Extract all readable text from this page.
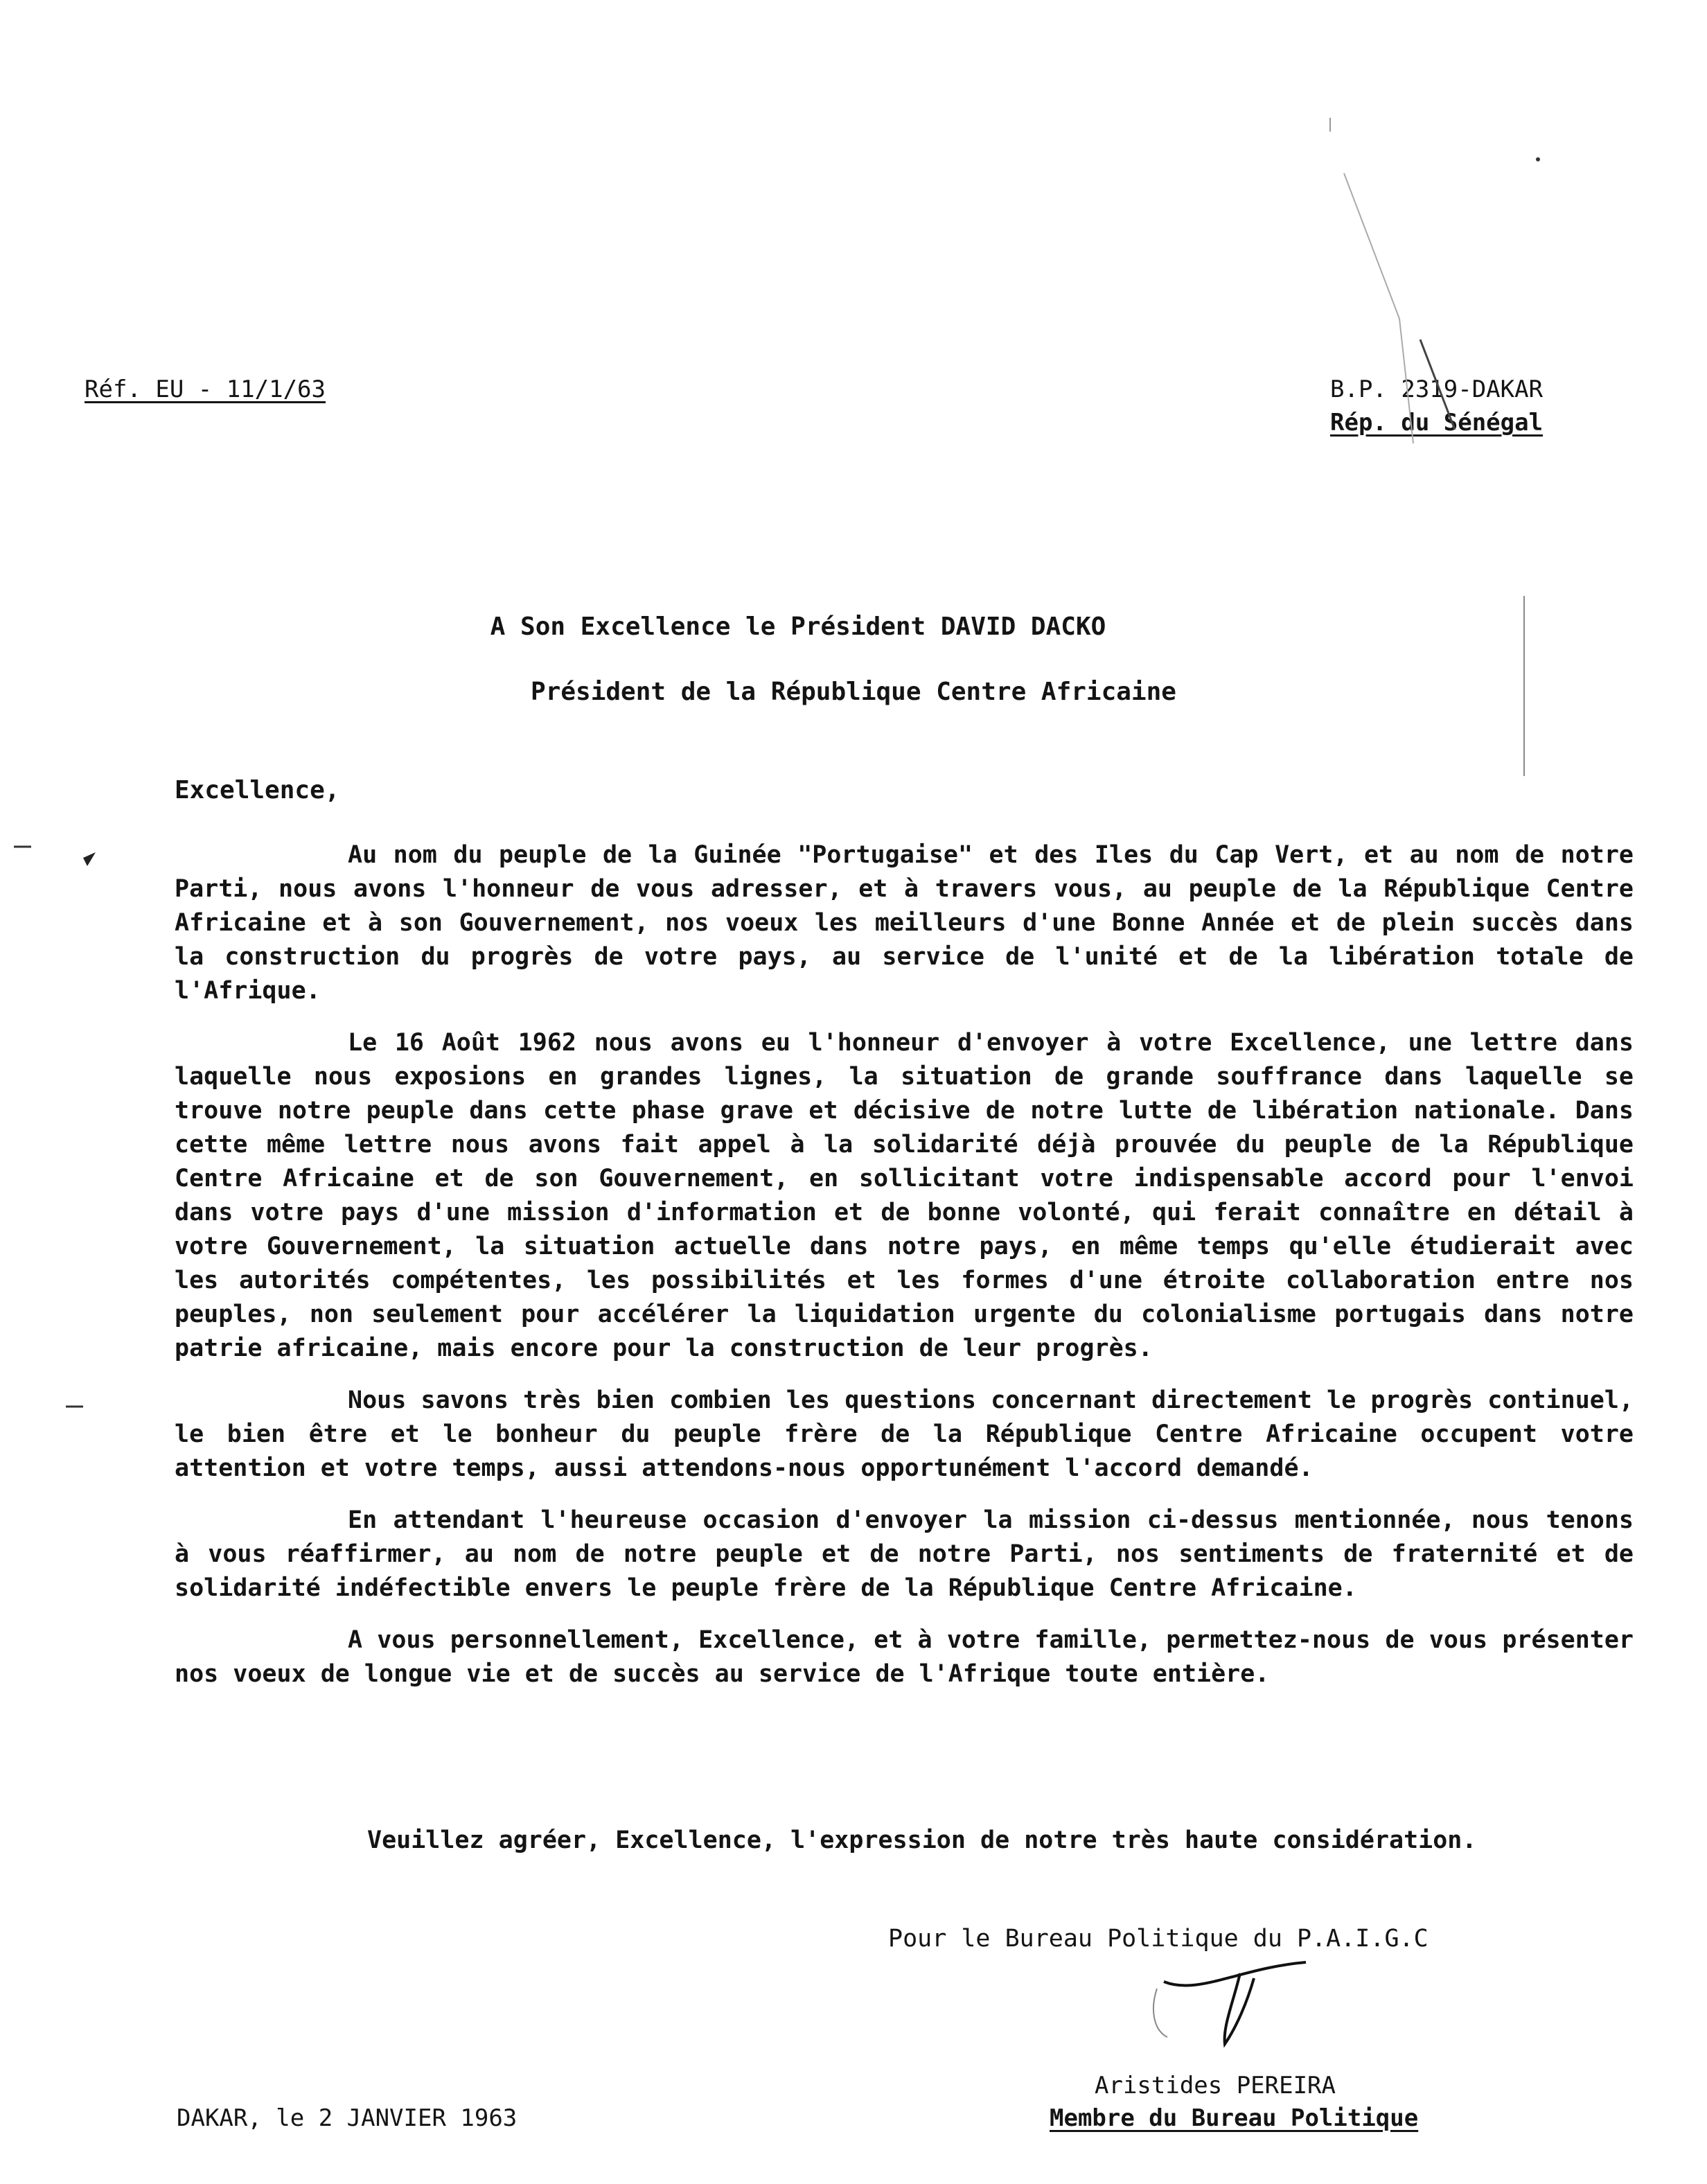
Réf. EU - 11/1/63	B.P. 2319-DAKAR
Rép. du Sénégal
A Son Excellence le Président DAVID DACKO
Président de la République Centre Africaine
Excellence,

Au nom du peuple de la Guinée "Portugaise" et des Iles du Cap Vert, et au nom de notre Parti, nous avons l'honneur de vous adresser, et à travers vous, au peuple de la République Centre Africaine et à son Gouvernement, nos voeux les meilleurs d'une Bonne Année et de plein succès dans la construction du progrès de votre pays, au service de l'unité et de la libération totale de l'Afrique.

Le 16 Août 1962 nous avons eu l'honneur d'envoyer à votre Excellence, une lettre dans laquelle nous exposions en grandes lignes, la situation de grande souffrance dans laquelle se trouve notre peuple dans cette phase grave et décisive de notre lutte de libération nationale. Dans cette même lettre nous avons fait appel à la solidarité déjà prouvée du peuple de la République Centre Africaine et de son Gouvernement, en sollicitant votre indispensable accord pour l'envoi dans votre pays d'une mission d'information et de bonne volonté, qui ferait connaître en détail à votre Gouvernement, la situation actuelle dans notre pays, en même temps qu'elle étudierait avec les autorités compétentes, les possibilités et les formes d'une étroite collaboration entre nos peuples, non seulement pour accélérer la liquidation urgente du colonialisme portugais dans notre patrie africaine, mais encore pour la construction de leur progrès.

Nous savons très bien combien les questions concernant directement le progrès continuel, le bien être et le bonheur du peuple frère de la République Centre Africaine occupent votre attention et votre temps, aussi attendons-nous opportunément l'accord demandé.

En attendant l'heureuse occasion d'envoyer la mission ci-dessus mentionnée, nous tenons à vous réaffirmer, au nom de notre peuple et de notre Parti, nos sentiments de fraternité et de solidarité indéfectible envers le peuple frère de la République Centre Africaine.

A vous personnellement, Excellence, et à votre famille, permettez-nous de vous présenter nos voeux de longue vie et de succès au service de l'Afrique toute entière.

Veuillez agréer, Excellence, l'expression de notre très haute considération.
Pour le Bureau Politique du P.A.I.G.C
Aristides PEREIRA
Membre du Bureau Politique
DAKAR, le 2 JANVIER 1963
